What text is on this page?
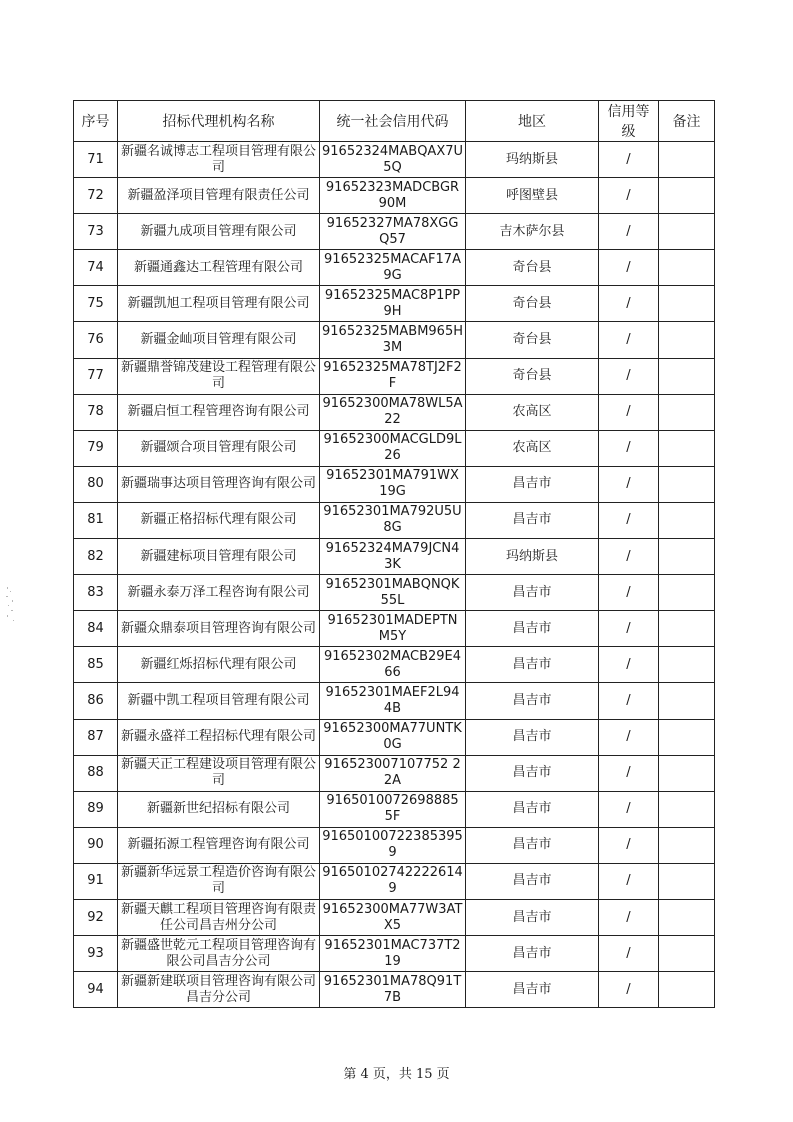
序号	招标代理机构名称	统一社会信用代码	地区	信用等级	备注
71	新疆名诚博志工程项目管理有限公司	91652324MABQAX7U5Q	玛纳斯县	/	
72	新疆盈泽项目管理有限责任公司	91652323MADCBGR90M	呼图壁县	/	
73	新疆九成项目管理有限公司	91652327MA78XGGQ57	吉木萨尔县	/	
74	新疆通鑫达工程管理有限公司	91652325MACAF17A9G	奇台县	/	
75	新疆凯旭工程项目管理有限公司	91652325MAC8P1PP9H	奇台县	/	
76	新疆金屾项目管理有限公司	91652325MABM965H3M	奇台县	/	
77	新疆鼎誉锦茂建设工程管理有限公司	91652325MA78TJ2F2F	奇台县	/	
78	新疆启恒工程管理咨询有限公司	91652300MA78WL5A22	农高区	/	
79	新疆颂合项目管理有限公司	91652300MACGLD9L26	农高区	/	
80	新疆瑞事达项目管理咨询有限公司	91652301MA791WX19G	昌吉市	/	
81	新疆正格招标代理有限公司	91652301MA792U5U8G	昌吉市	/	
82	新疆建标项目管理有限公司	91652324MA79JCN43K	玛纳斯县	/	
83	新疆永泰万泽工程咨询有限公司	91652301MABQNQK55L	昌吉市	/	
84	新疆众鼎泰项目管理咨询有限公司	91652301MADEPTNM5Y	昌吉市	/	
85	新疆红烁招标代理有限公司	91652302MACB29E466	昌吉市	/	
86	新疆中凯工程项目管理有限公司	91652301MAEF2L944B	昌吉市	/	
87	新疆永盛祥工程招标代理有限公司	91652300MA77UNTK0G	昌吉市	/	
88	新疆天正工程建设项目管理有限公司	916523007107752 22A	昌吉市	/	
89	新疆新世纪招标有限公司	9165010072698885 5F	昌吉市	/	
90	新疆拓源工程管理咨询有限公司	916501007223853959	昌吉市	/	
91	新疆新华远景工程造价咨询有限公司	916501027422226149	昌吉市	/	
92	新疆天麒工程项目管理咨询有限责任公司昌吉州分公司	91652300MA77W3ATX5	昌吉市	/	
93	新疆盛世乾元工程项目管理咨询有限公司昌吉分公司	91652301MAC737T219	昌吉市	/	
94	新疆新建联项目管理咨询有限公司昌吉分公司	91652301MA78Q91T7B	昌吉市	/	
第 4 页，共 15 页
